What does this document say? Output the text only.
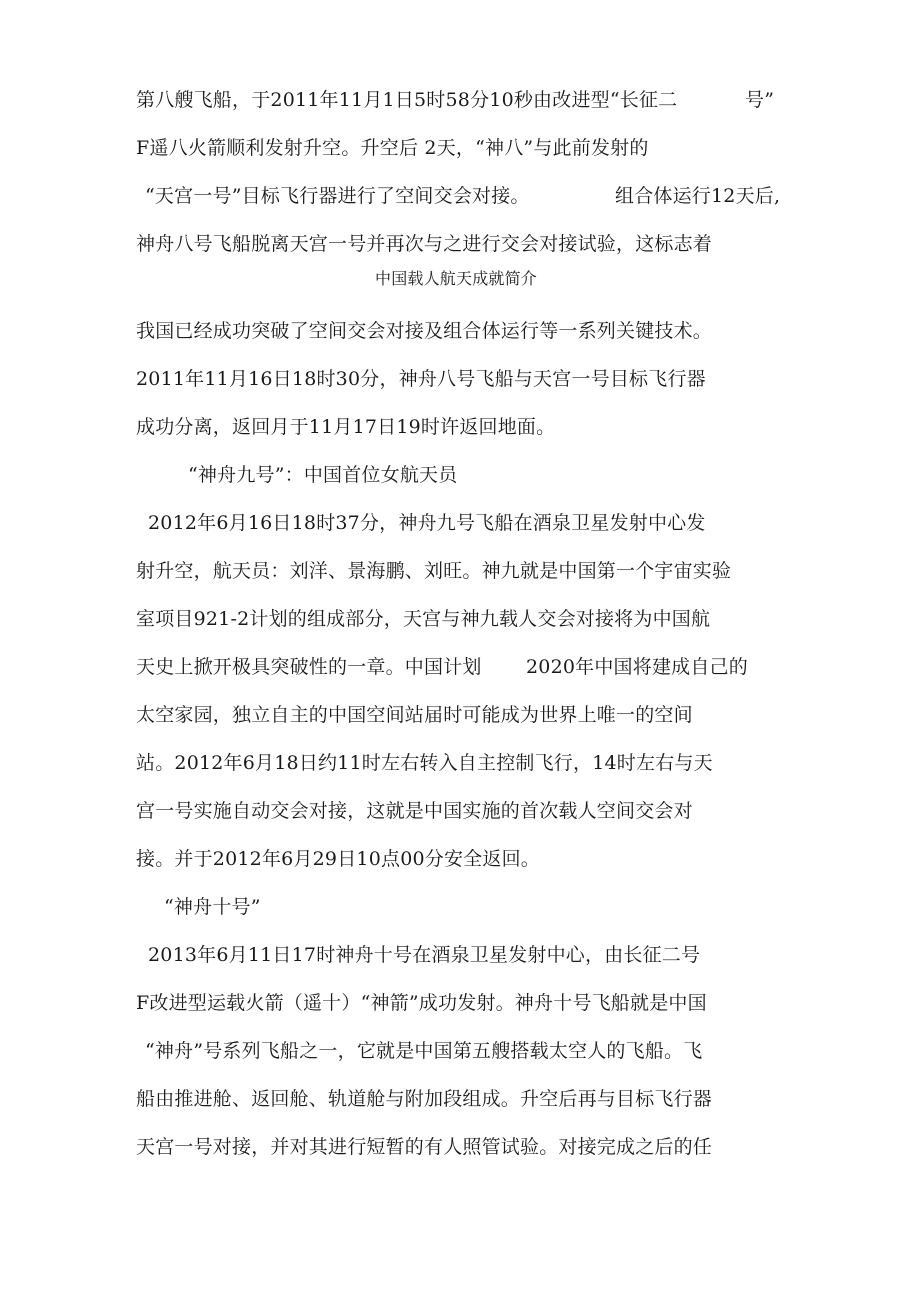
第八艘飞船，于2011年11月1日5时58分10秒由改进型“长征二	号”
F遥八火箭顺利发射升空。升空后 2天，“神八”与此前发射的
“天宫一号”目标飞行器进行了空间交会对接。	组合体运行12天后,
神舟八号飞船脱离天宫一号并再次与之进行交会对接试验，这标志着
中国载人航天成就简介
我国已经成功突破了空间交会对接及组合体运行等一系列关键技术。
2011年11月16日18时30分，神舟八号飞船与天宫一号目标飞行器
成功分离，返回月于11月17日19时许返回地面。
“神舟九号”：中国首位女航天员
2012年6月16日18时37分，神舟九号飞船在酒泉卫星发射中心发
射升空，航天员：刘洋、景海鹏、刘旺。神九就是中国第一个宇宙实验
室项目921-2计划的组成部分，天宫与神九载人交会对接将为中国航
天史上掀开极具突破性的一章。中国计划 2020年中国将建成自己的
太空家园，独立自主的中国空间站届时可能成为世界上唯一的空间
站。2012年6月18日约11时左右转入自主控制飞行，14时左右与天
宫一号实施自动交会对接，这就是中国实施的首次载人空间交会对
接。并于2012年6月29日10点00分安全返回。
“神舟十号”
2013年6月11日17时神舟十号在酒泉卫星发射中心，由长征二号
F改进型运载火箭（遥十）“神箭”成功发射。神舟十号飞船就是中国
“神舟”号系列飞船之一，它就是中国第五艘搭载太空人的飞船。飞
船由推进舱、返回舱、轨道舱与附加段组成。升空后再与目标飞行器
天宫一号对接，并对其进行短暂的有人照管试验。对接完成之后的任
